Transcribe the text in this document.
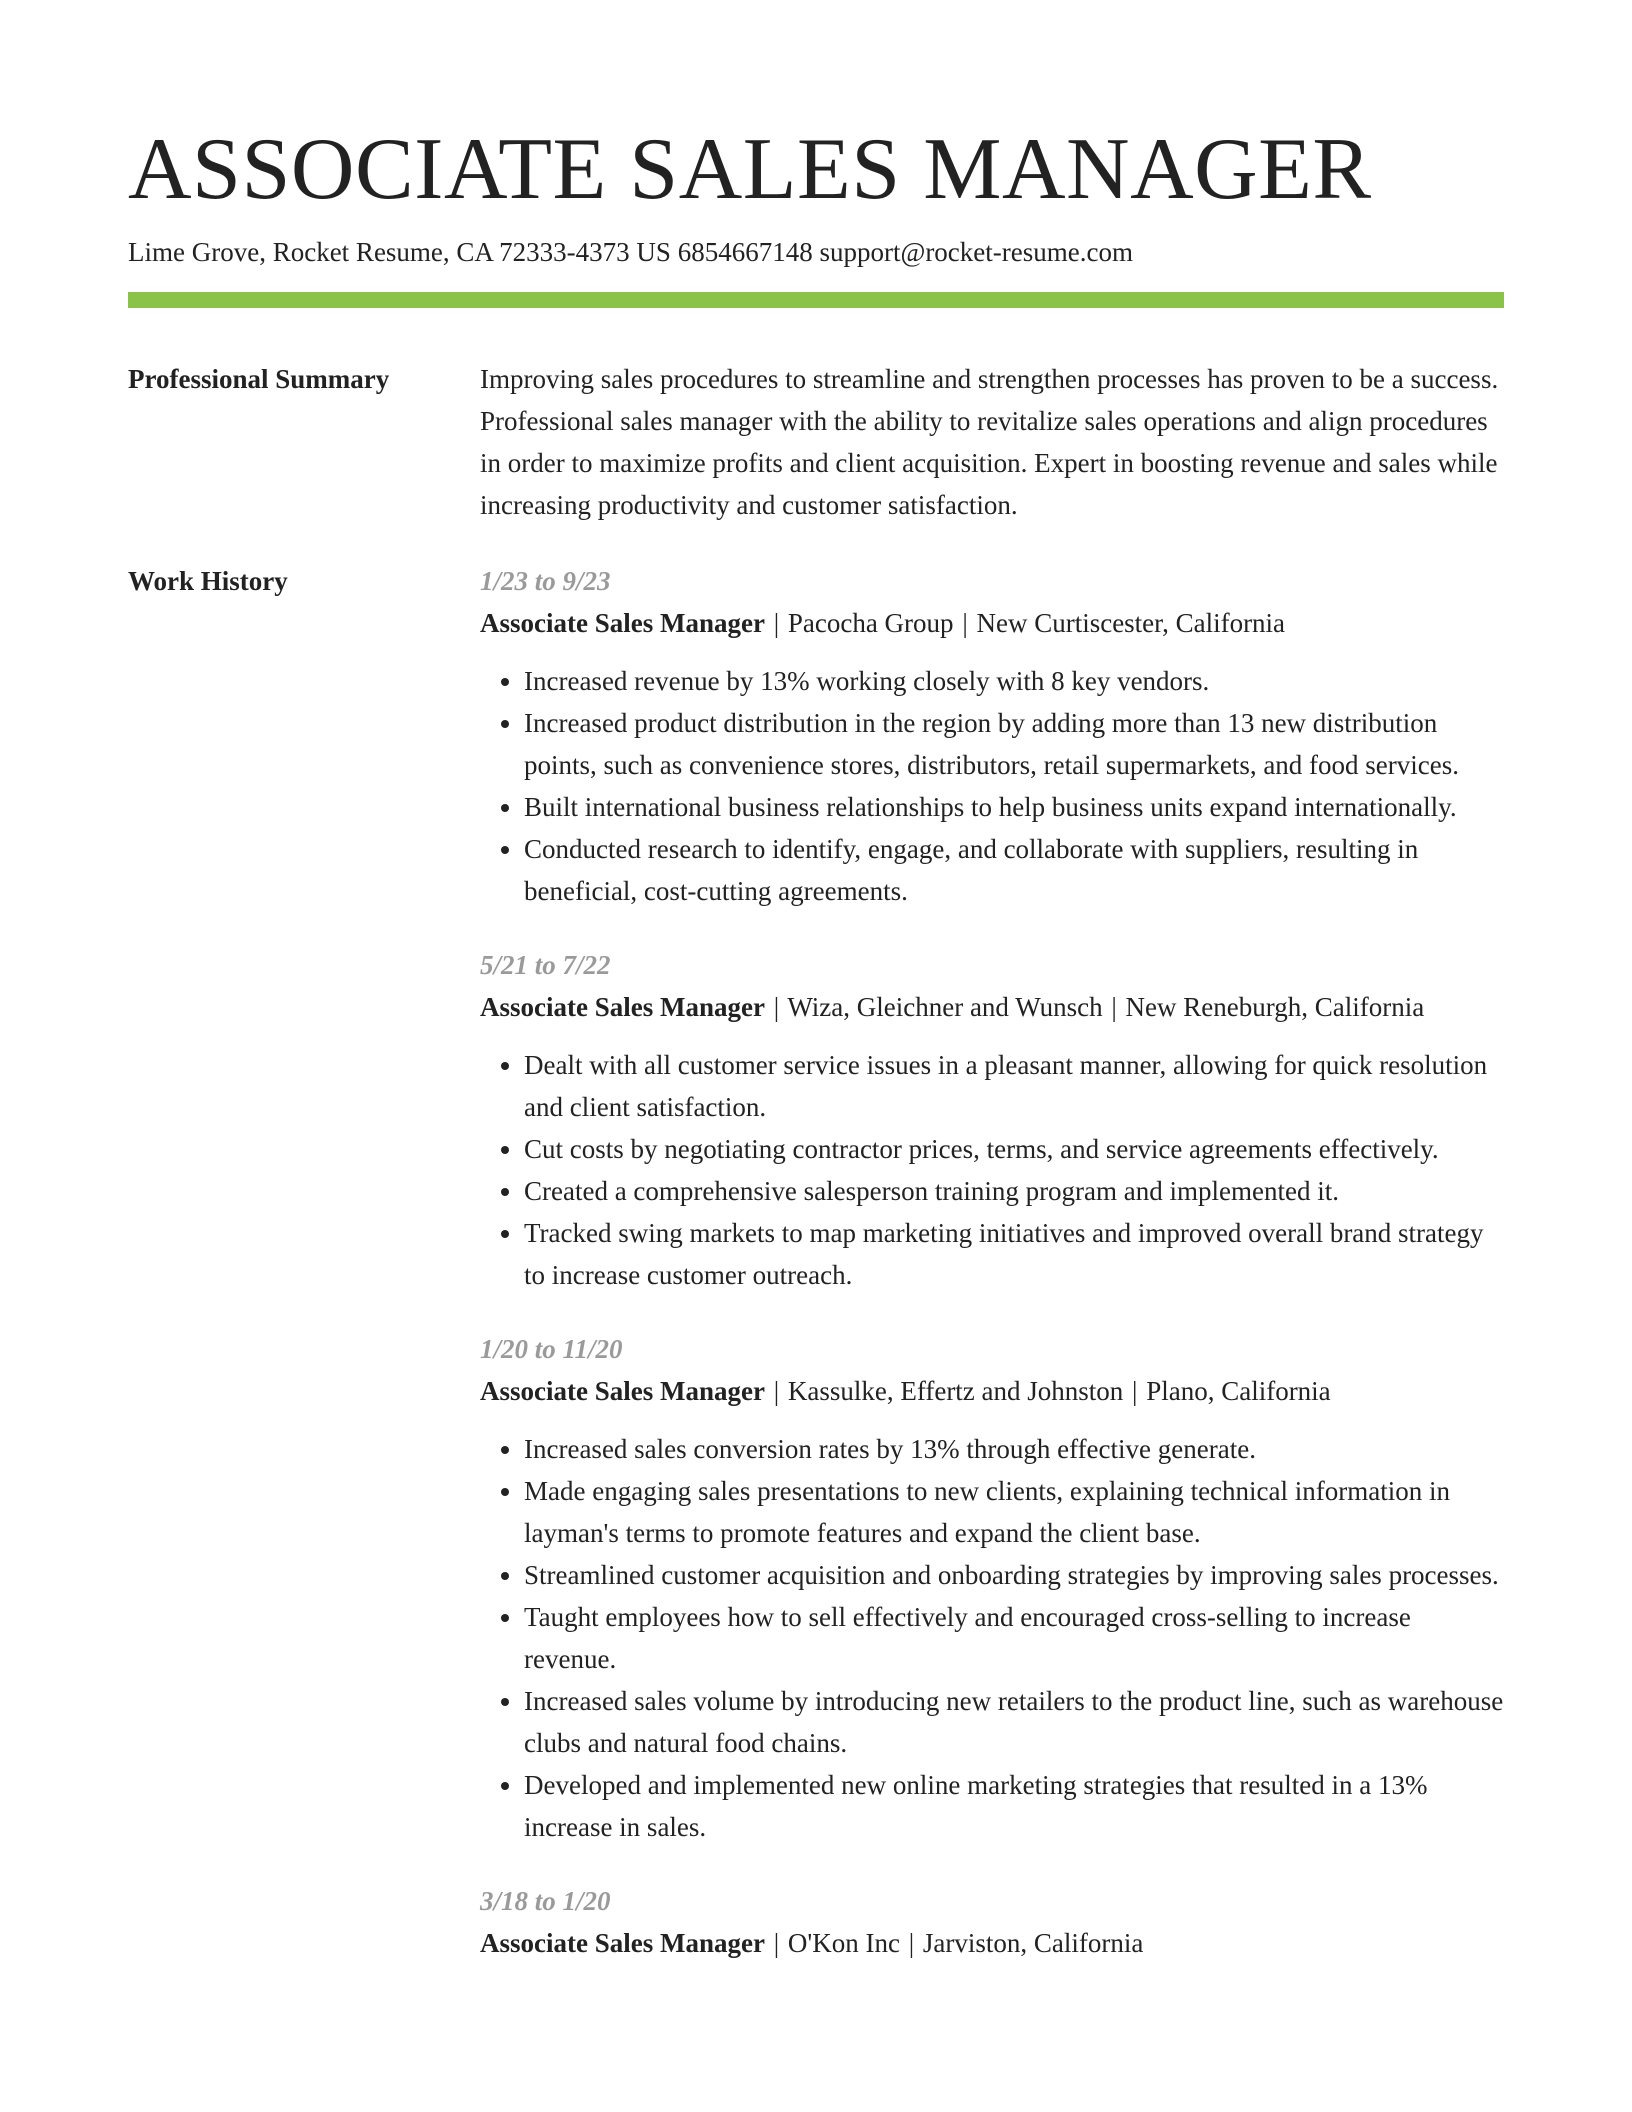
ASSOCIATE SALES MANAGER
Lime Grove, Rocket Resume, CA 72333-4373 US 6854667148 support@rocket-resume.com
Professional Summary	Improving sales procedures to streamline and strengthen processes has proven to be a success. Professional sales manager with the ability to revitalize sales operations and align procedures in order to maximize profits and client acquisition. Expert in boosting revenue and sales while increasing productivity and customer satisfaction.

Work History	1/23 to 9/23
Associate Sales Manager | Pacocha Group | New Curtiscester, California
• Increased revenue by 13% working closely with 8 key vendors.
• Increased product distribution in the region by adding more than 13 new distribution points, such as convenience stores, distributors, retail supermarkets, and food services.
• Built international business relationships to help business units expand internationally.
• Conducted research to identify, engage, and collaborate with suppliers, resulting in beneficial, cost-cutting agreements.
5/21 to 7/22
Associate Sales Manager | Wiza, Gleichner and Wunsch | New Reneburgh, California
• Dealt with all customer service issues in a pleasant manner, allowing for quick resolution and client satisfaction.
• Cut costs by negotiating contractor prices, terms, and service agreements effectively.
• Created a comprehensive salesperson training program and implemented it.
• Tracked swing markets to map marketing initiatives and improved overall brand strategy to increase customer outreach.
1/20 to 11/20
Associate Sales Manager | Kassulke, Effertz and Johnston | Plano, California
• Increased sales conversion rates by 13% through effective generate.
• Made engaging sales presentations to new clients, explaining technical information in layman's terms to promote features and expand the client base.
• Streamlined customer acquisition and onboarding strategies by improving sales processes.
• Taught employees how to sell effectively and encouraged cross-selling to increase revenue.
• Increased sales volume by introducing new retailers to the product line, such as warehouse clubs and natural food chains.
• Developed and implemented new online marketing strategies that resulted in a 13% increase in sales.
3/18 to 1/20
Associate Sales Manager | O'Kon Inc | Jarviston, California
